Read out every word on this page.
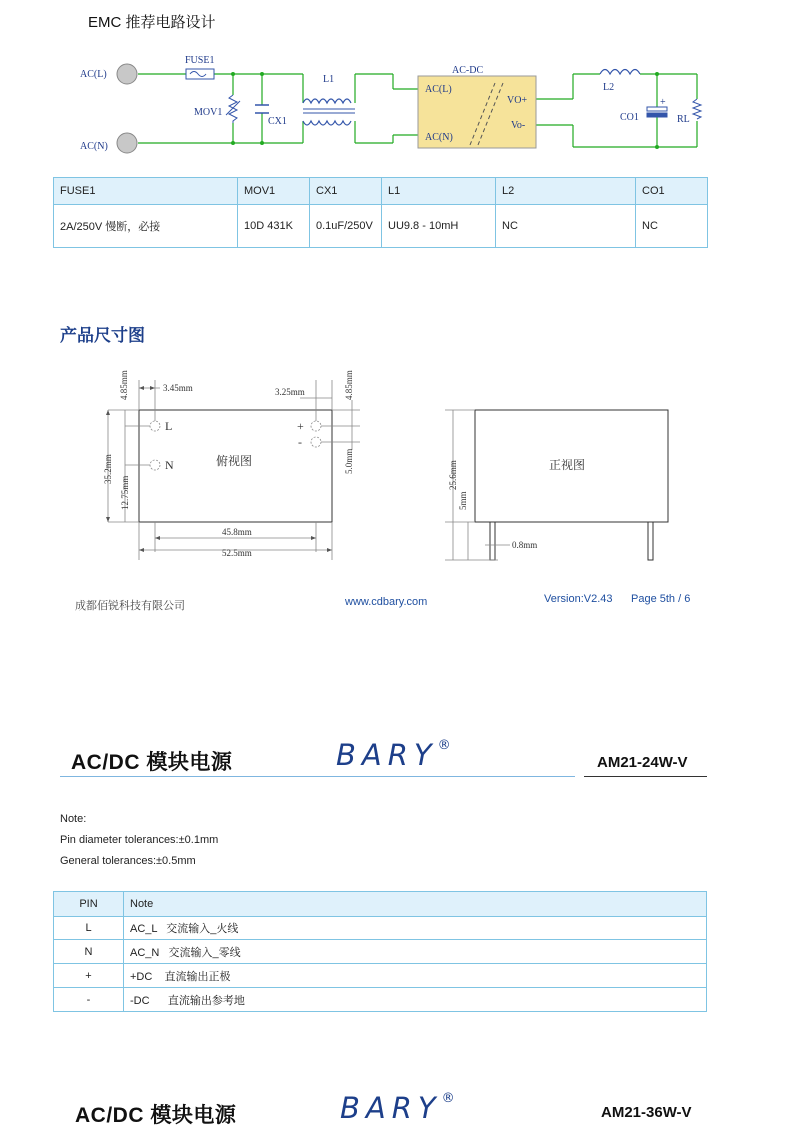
EMC 推荐电路设计
AC(L)
AC(N)
FUSE1
MOV1
CX1
L1
AC-DC
AC(L)
AC(N)
VO+
Vo-
L2
CO1	RL
+
FUSE1	MOV1	CX1	L1	L2	CO1
2A/250V 慢断，必接	10D 431K	0.1uF/250V	UU9.8 - 10mH	NC	NC
产品尺寸图
3.45mm	3.25mm
45.8mm
52.5mm
0.8mm
4.85mm	4.85mm
35.2mm
12.75mm
5.0mm	25.6mm
5mm
L
N
+
-
俯视图	正视图
成都佰锐科技有限公司	www.cdbary.com	Version:V2.43 Page 5th / 6
AC/DC 模块电源	BARY®
AM21-24W-V
Note:
Pin diameter tolerances:±0.1mm
General tolerances:±0.5mm
PIN	Note
L	AC_L   交流输入_火线
N	AC_N   交流输入_零线
+	+DC    直流输出正极
-	-DC      直流输出参考地
AC/DC 模块电源	BARY®
AM21-36W-V
